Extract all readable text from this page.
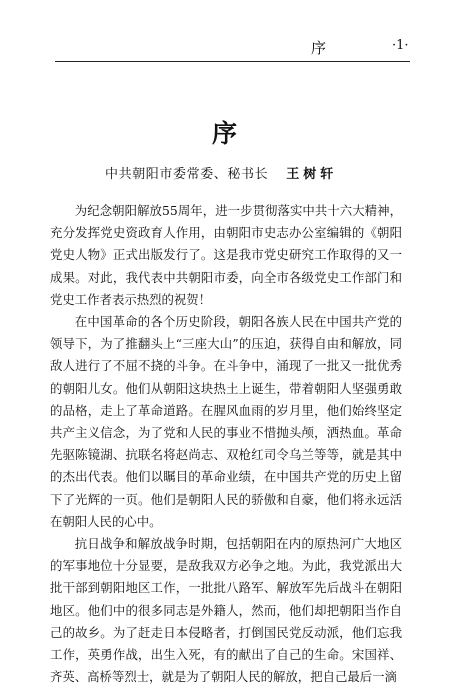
序	·1·
序
中共朝阳市委常委、秘书长 王树轩

为纪念朝阳解放55周年，进一步贯彻落实中共十六大精神，充分发挥党史资政育人作用，由朝阳市史志办公室编辑的《朝阳党史人物》正式出版发行了。这是我市党史研究工作取得的又一成果。对此，我代表中共朝阳市委，向全市各级党史工作部门和党史工作者表示热烈的祝贺！

在中国革命的各个历史阶段，朝阳各族人民在中国共产党的领导下，为了推翻头上“三座大山”的压迫，获得自由和解放，同敌人进行了不屈不挠的斗争。在斗争中，涌现了一批又一批优秀的朝阳儿女。他们从朝阳这块热土上诞生，带着朝阳人坚强勇敢的品格，走上了革命道路。在腥风血雨的岁月里，他们始终坚定共产主义信念，为了党和人民的事业不惜抛头颅，洒热血。革命先驱陈镜湖、抗联名将赵尚志、双枪红司令乌兰等等，就是其中的杰出代表。他们以瞩目的革命业绩，在中国共产党的历史上留下了光辉的一页。他们是朝阳人民的骄傲和自豪，他们将永远活在朝阳人民的心中。

抗日战争和解放战争时期，包括朝阳在内的原热河广大地区的军事地位十分显要，是敌我双方必争之地。为此，我党派出大批干部到朝阳地区工作，一批批八路军、解放军先后战斗在朝阳地区。他们中的很多同志是外籍人，然而，他们却把朝阳当作自己的故乡。为了赶走日本侵略者，打倒国民党反动派，他们忘我工作，英勇作战，出生入死，有的献出了自己的生命。宋国祥、齐英、高桥等烈士，就是为了朝阳人民的解放，把自己最后一滴
